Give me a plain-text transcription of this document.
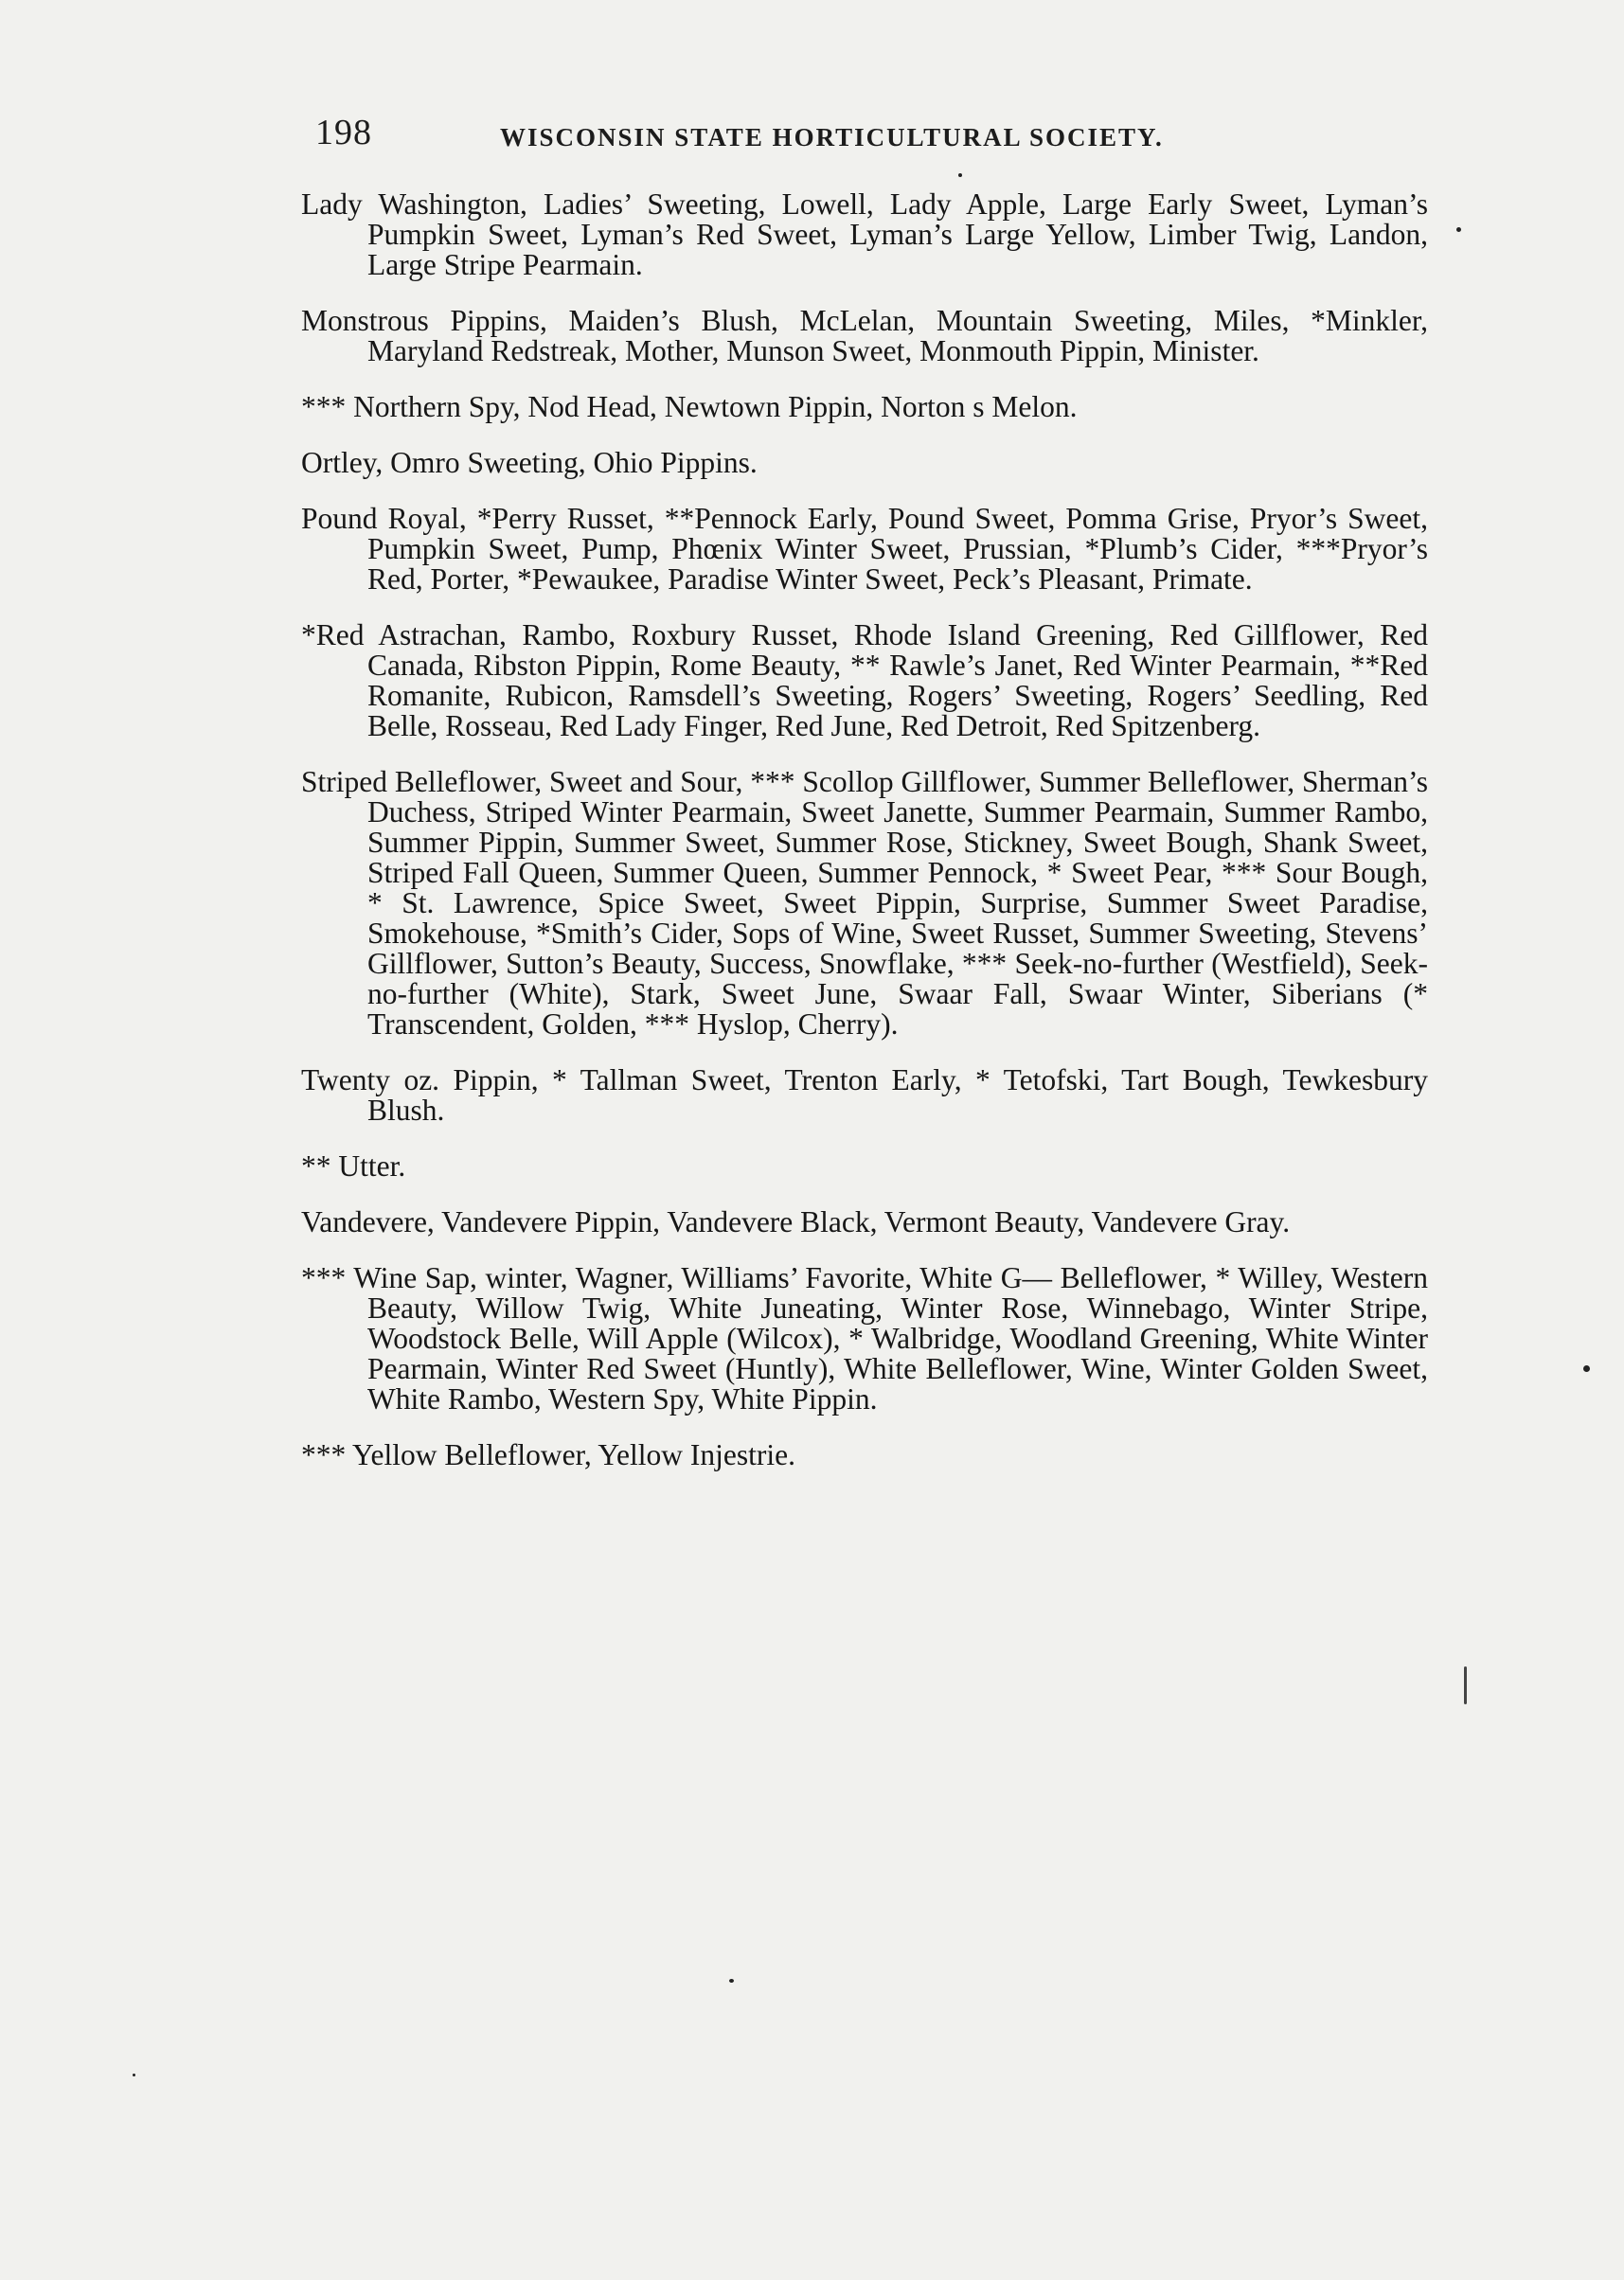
198	WISCONSIN STATE HORTICULTURAL SOCIETY.

Lady Washington, Ladies’ Sweeting, Lowell, Lady Apple, Large Early Sweet, Lyman’s Pumpkin Sweet, Lyman’s Red Sweet, Lyman’s Large Yellow, Limber Twig, Landon, Large Stripe Pearmain.

Monstrous Pippins, Maiden’s Blush, McLelan, Mountain Sweeting, Miles, *Minkler, Maryland Redstreak, Mother, Munson Sweet, Monmouth Pippin, Minister.

*** Northern Spy, Nod Head, Newtown Pippin, Norton s Melon.

Ortley, Omro Sweeting, Ohio Pippins.

Pound Royal, *Perry Russet, **Pennock Early, Pound Sweet, Pomma Grise, Pryor’s Sweet, Pumpkin Sweet, Pump, Phœnix Winter Sweet, Prussian, *Plumb’s Cider, ***Pryor’s Red, Porter, *Pewaukee, Paradise Winter Sweet, Peck’s Pleasant, Primate.

*Red Astrachan, Rambo, Roxbury Russet, Rhode Island Greening, Red Gillflower, Red Canada, Ribston Pippin, Rome Beauty, ** Rawle’s Janet, Red Winter Pearmain, **Red Romanite, Rubicon, Ramsdell’s Sweeting, Rogers’ Sweeting, Rogers’ Seedling, Red Belle, Rosseau, Red Lady Finger, Red June, Red Detroit, Red Spitzenberg.

Striped Belleflower, Sweet and Sour, *** Scollop Gillflower, Summer Belleflower, Sherman’s Duchess, Striped Winter Pearmain, Sweet Janette, Summer Pearmain, Summer Rambo, Summer Pippin, Summer Sweet, Summer Rose, Stickney, Sweet Bough, Shank Sweet, Striped Fall Queen, Summer Queen, Summer Pennock, * Sweet Pear, *** Sour Bough, * St. Lawrence, Spice Sweet, Sweet Pippin, Surprise, Summer Sweet Paradise, Smokehouse, *Smith’s Cider, Sops of Wine, Sweet Russet, Summer Sweeting, Stevens’ Gillflower, Sutton’s Beauty, Success, Snowflake, *** Seek-no-further (Westfield), Seek-no-further (White), Stark, Sweet June, Swaar Fall, Swaar Winter, Siberians (* Transcendent, Golden, *** Hyslop, Cherry).

Twenty oz. Pippin, * Tallman Sweet, Trenton Early, * Tetofski, Tart Bough, Tewkesbury Blush.

** Utter.

Vandevere, Vandevere Pippin, Vandevere Black, Vermont Beauty, Vandevere Gray.

*** Wine Sap, winter, Wagner, Williams’ Favorite, White G— Belleflower, * Willey, Western Beauty, Willow Twig, White Juneating, Winter Rose, Winnebago, Winter Stripe, Woodstock Belle, Will Apple (Wilcox), * Walbridge, Woodland Greening, White Winter Pearmain, Winter Red Sweet (Huntly), White Belleflower, Wine, Winter Golden Sweet, White Rambo, Western Spy, White Pippin.

*** Yellow Belleflower, Yellow Injestrie.
